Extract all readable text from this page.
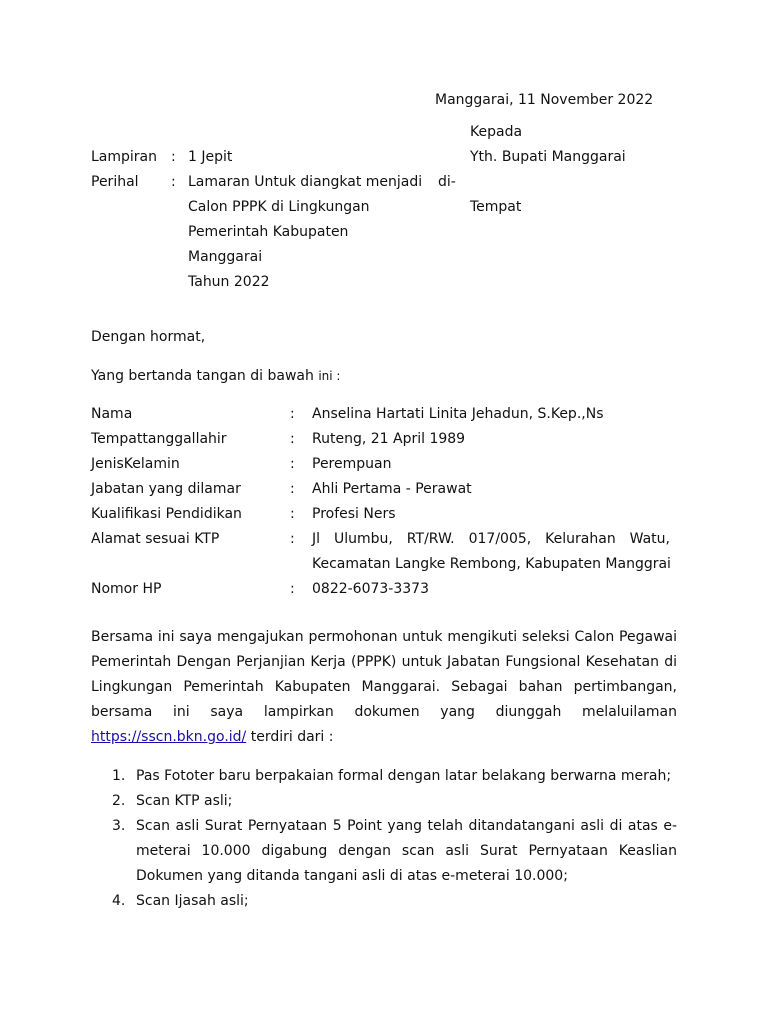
Manggarai, 11 November 2022
Kepada
Yth. Bupati Manggarai
di-
Tempat
Lampiran : 1 Jepit
Perihal : Lamaran Untuk diangkat menjadi
Calon PPPK di Lingkungan
Pemerintah Kabupaten
Manggarai
Tahun 2022
Dengan hormat,
Yang bertanda tangan di bawah ini :
Nama	: Anselina Hartati Linita Jehadun, S.Kep.,Ns
Tempattanggallahir	: Ruteng, 21 April 1989
JenisKelamin	: Perempuan
Jabatan yang dilamar	: Ahli Pertama - Perawat
Kualifikasi Pendidikan	: Profesi Ners
Alamat sesuai KTP	: Jl Ulumbu, RT/RW. 017/005, Kelurahan Watu,
Kecamatan Langke Rembong, Kabupaten Manggrai
Nomor HP	: 0822-6073-3373
Bersama ini saya mengajukan permohonan untuk mengikuti seleksi Calon Pegawai
Pemerintah Dengan Perjanjian Kerja (PPPK) untuk Jabatan Fungsional Kesehatan di
Lingkungan Pemerintah Kabupaten Manggarai. Sebagai bahan pertimbangan,
bersama ini saya lampirkan dokumen yang diunggah melaluilaman
https://sscn.bkn.go.id/ terdiri dari :
1. Pas Fototer baru berpakaian formal dengan latar belakang berwarna merah;
2. Scan KTP asli;
3. Scan asli Surat Pernyataan 5 Point yang telah ditandatangani asli di atas e-
meterai 10.000 digabung dengan scan asli Surat Pernyataan Keaslian
Dokumen yang ditanda tangani asli di atas e-meterai 10.000;
4. Scan Ijasah asli;
